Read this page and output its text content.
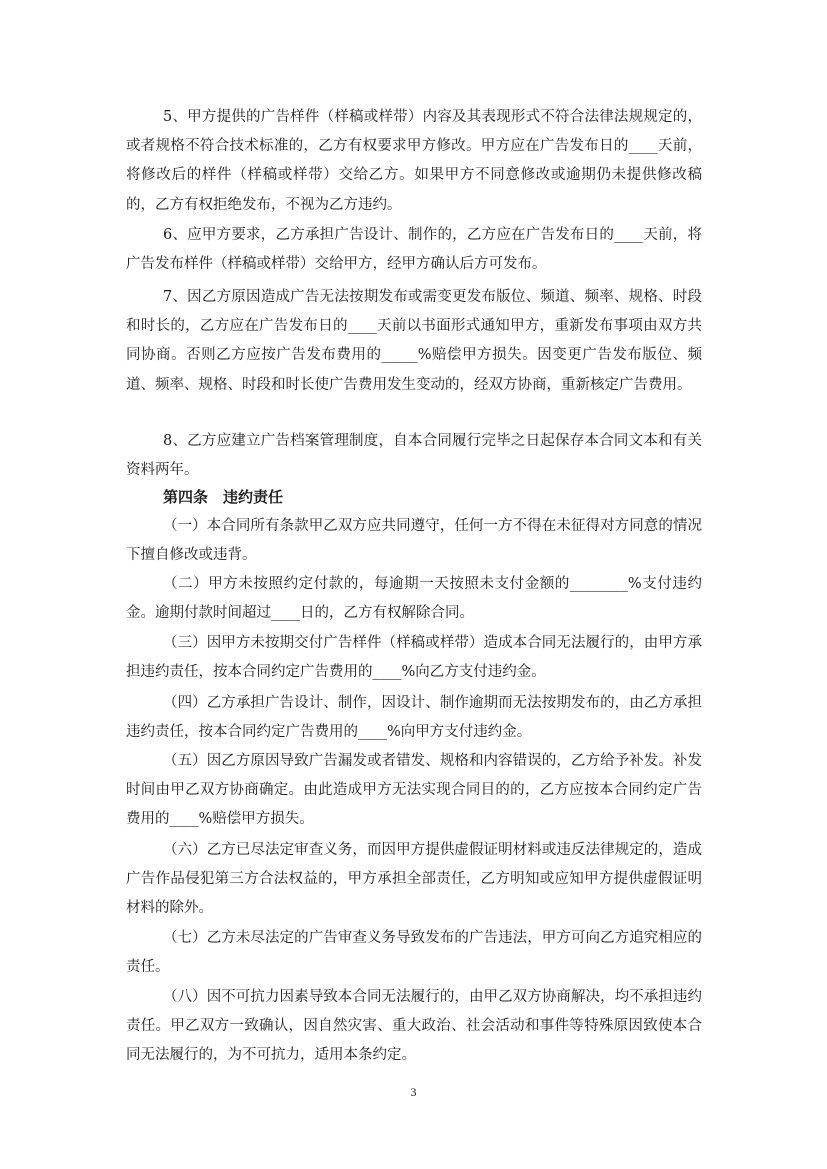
5、甲方提供的广告样件（样稿或样带）内容及其表现形式不符合法律法规规定的，或者规格不符合技术标准的，乙方有权要求甲方修改。甲方应在广告发布日的____天前，将修改后的样件（样稿或样带）交给乙方。如果甲方不同意修改或逾期仍未提供修改稿的，乙方有权拒绝发布，不视为乙方违约。

6、应甲方要求，乙方承担广告设计、制作的，乙方应在广告发布日的____天前，将广告发布样件（样稿或样带）交给甲方，经甲方确认后方可发布。

7、因乙方原因造成广告无法按期发布或需变更发布版位、频道、频率、规格、时段和时长的，乙方应在广告发布日的____天前以书面形式通知甲方，重新发布事项由双方共同协商。否则乙方应按广告发布费用的_____%赔偿甲方损失。因变更广告发布版位、频道、频率、规格、时段和时长使广告费用发生变动的，经双方协商，重新核定广告费用。

8、乙方应建立广告档案管理制度，自本合同履行完毕之日起保存本合同文本和有关资料两年。

第四条　违约责任

（一）本合同所有条款甲乙双方应共同遵守，任何一方不得在未征得对方同意的情况下擅自修改或违背。

（二）甲方未按照约定付款的，每逾期一天按照未支付金额的________%支付违约金。逾期付款时间超过____日的，乙方有权解除合同。

（三）因甲方未按期交付广告样件（样稿或样带）造成本合同无法履行的，由甲方承担违约责任，按本合同约定广告费用的____%向乙方支付违约金。

（四）乙方承担广告设计、制作，因设计、制作逾期而无法按期发布的，由乙方承担违约责任，按本合同约定广告费用的____%向甲方支付违约金。

（五）因乙方原因导致广告漏发或者错发、规格和内容错误的，乙方给予补发。补发时间由甲乙双方协商确定。由此造成甲方无法实现合同目的的，乙方应按本合同约定广告费用的____%赔偿甲方损失。

（六）乙方已尽法定审查义务，而因甲方提供虚假证明材料或违反法律规定的，造成广告作品侵犯第三方合法权益的，甲方承担全部责任，乙方明知或应知甲方提供虚假证明材料的除外。

（七）乙方未尽法定的广告审查义务导致发布的广告违法，甲方可向乙方追究相应的责任。

（八）因不可抗力因素导致本合同无法履行的，由甲乙双方协商解决，均不承担违约责任。甲乙双方一致确认，因自然灾害、重大政治、社会活动和事件等特殊原因致使本合同无法履行的，为不可抗力，适用本条约定。

3
